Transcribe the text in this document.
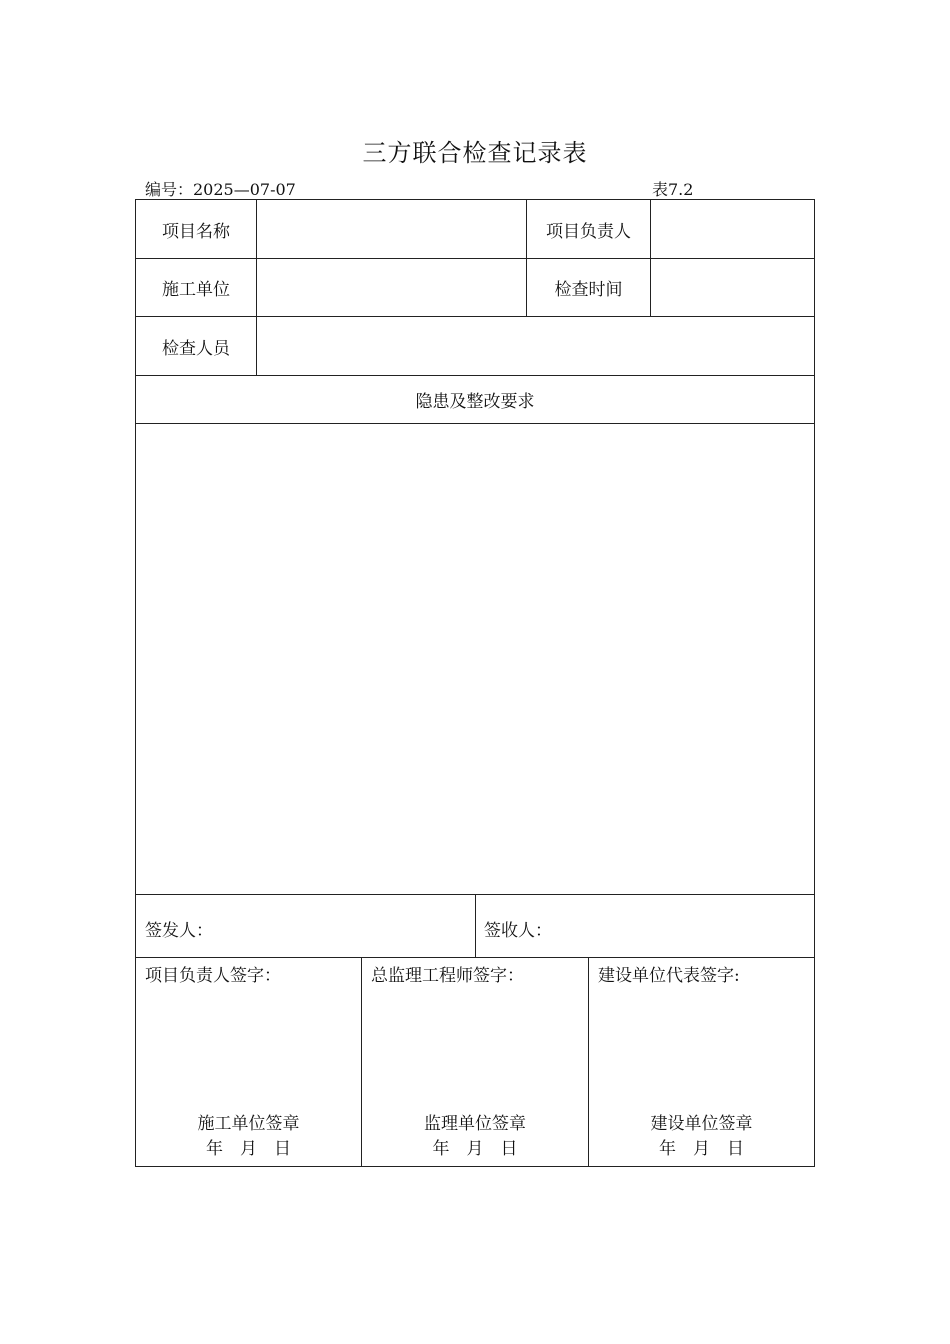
三方联合检查记录表
编号：2025—07-07	表7.2
项目名称	项目负责人
施工单位	检查时间
检查人员
隐患及整改要求
签发人：	签收人：
项目负责人签字：	总监理工程师签字：	建设单位代表签字:
施工单位签章	监理单位签章	建设单位签章
年　月　日	年　月　日	年　月　日
